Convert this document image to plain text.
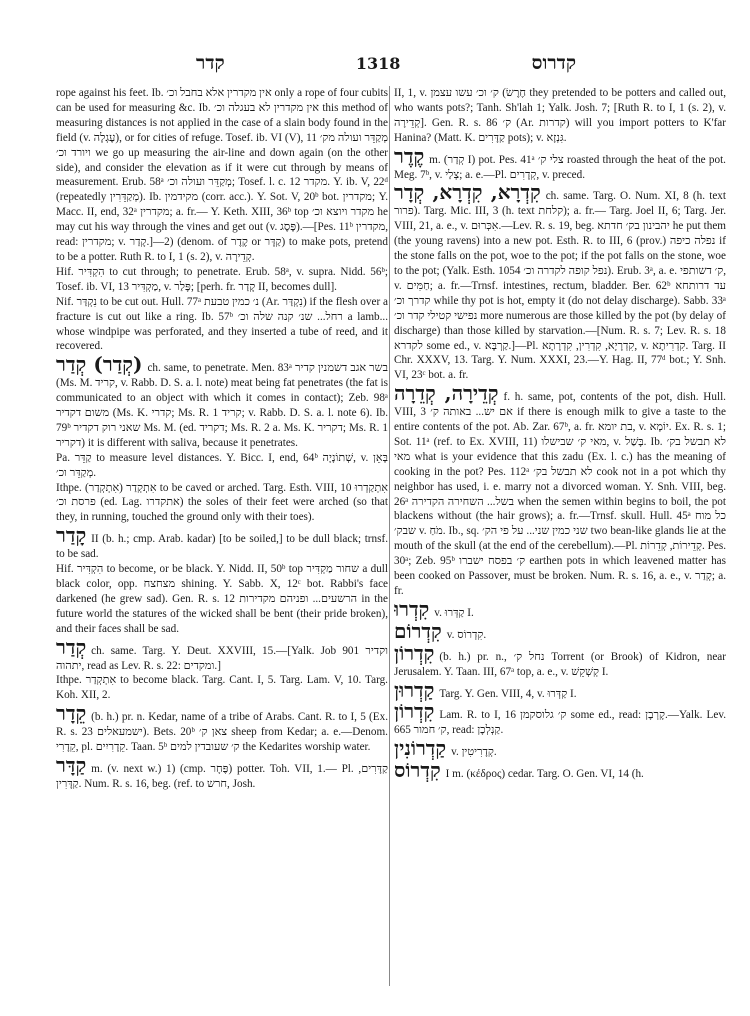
קדר	1318	קדרוס

rope against his feet. Ib. אין מקדרין אלא בחבל וכ׳ only a rope of four cubits can be used for measuring &c. Ib. אין מקדרין לא בעגלה וכ׳ this method of measuring distances is not applied in the case of a slain body found in the field (v. עֶגְלָה), or for cities of refuge. Tosef. ib. VI (V), 11 מְקַדֵּר ועולה מק׳ ויורד וכ׳ we go up measuring the air-line and down again (on the other side), and consider the elevation as if it were cut through by means of measurement. Erub. 58ᵃ מְקַדֵּר ועולה וכ׳; Tosef. l. c. 12 מקדר. Y. ib. V, 22ᵈ (repeatedly מְקַדֵּרִין). Ib. מקידמין (corr. acc.). Y. Sot. V, 20ᵇ bot. מקדרין; Y. Macc. II, end, 32ᵃ מקדרין; a. fr.— Y. Keth. XIII, 36ᵇ top מקדר ויוצא וכ׳ he may cut his way through the vines and get out (v. פֶּסֶג).—[Pes. 11ᵇ מקדרין, read: מקדרין; v. קָדַר.]—2) (denom. of קֶדֶר or קַדָּר) to make pots, pretend to be a potter. Ruth R. to I, 1 (s. 2), v. קְדֵירָה.

Hif. הִקְדִּיר to cut through; to penetrate. Erub. 58ᵃ, v. supra. Nidd. 56ᵇ; Tosef. ib. VI, 13 מַקְדִּיר, v. פָּלַר; [perh. fr. קָדַר II, becomes dull].

Nif. נִקְדַּר to be cut out. Hull. 77ᵃ נ׳ כמין טבעת (Ar. נִקְדַּר) if the flesh over a fracture is cut out like a ring. Ib. 57ᵇ רחל... שנ׳ קנה שלה וכ׳ a lamb... whose windpipe was perforated, and they inserted a tube of reed, and it recovered.

(קְדַר) קְדַר ch. same, to penetrate. Men. 83ᵃ בשר אגב דשמנין קדיר (Ms. M. קריד, v. Rabb. D. S. a. l. note) meat being fat penetrates (the fat is communicated to an object with which it comes in contact); Zeb. 98ᵃ משום דקדיר (Ms. K. קדרי; Ms. R. 1 קריד; v. Rabb. D. S. a. l. note 6). Ib. 79ᵇ שאני רוק דקדיר Ms. M. (ed. דקריד; Ms. R. 2 a. Ms. K. דקריר; Ms. R. 1 דקריר) it is different with saliva, because it penetrates.

Pa. קַדֵּר to measure level distances. Y. Bicc. I, end, 64ᵇ שְׁתוֹנָיָה, v. בָּאֵן מְקַדֵּר וכ׳.

Ithpe. (אִתְקְדַר) אִתְקְדַר to be caved or arched. Targ. Esth. VIII, 10 אִתְקַדְרוּ פרסת וכ׳ (ed. Lag. אתקדרו) the soles of their feet were arched (so that they, in running, touched the ground only with their toes).

קָדַר II (b. h.; cmp. Arab. kadar) [to be soiled,] to be dull black; trnsf. to be sad.

Hif. הִקְדִּיר to become, or be black. Y. Nidd. II, 50ᵇ top שחור מַקְדִּיר a dull black color, opp. מצחצח shining. Y. Sabb. X, 12ᶜ bot. Rabbi's face darkened (he grew sad). Gen. R. s. 12 הרשעים... ופניהם מקדירות in the future world the statures of the wicked shall be bent (their pride broken), and their faces shall be sad.

קְדַר ch. same. Targ. Y. Deut. XXVIII, 15.—[Yalk. Job 901 וקדיר יתהוה, read as Lev. R. s. 22: ומקדים.]

Ithpe. אִתְקְדַר to become black. Targ. Cant. I, 5. Targ. Lam. V, 10. Targ. Koh. XII, 2.

קֵדָר (b. h.) pr. n. Kedar, name of a tribe of Arabs. Cant. R. to I, 5 (Ex. R. s. 23 ישמעאלים). Bets. 20ᵇ צאן ק׳ sheep from Kedar; a. e.—Denom. קֵדָרִי, pl. קֵדָרִיִים. Taan. 5ᵇ ק׳ שעובדין למים the Kedarites worship water.

קַדָּר m. (v. next w.) 1) (cmp. פֶּחָר) potter. Toh. VII, 1.— Pl. קַדָּרִים, קַדָּרִין. Num. R. s. 16, beg. (ref. to חרש, Josh.

II, 1, v. חֶרֶשׂ) ק׳ וכ׳ עשו עצמן they pretended to be potters and called out, who wants pots?; Tanh. Sh'lah 1; Yalk. Josh. 7; [Ruth R. to I, 1 (s. 2), v. קְדֵירָה]. Gen. R. s. 86 ק׳ (Ar. קדרות) will you import potters to K'far Hanina? (Matt. K. קַדָּרִים pots); v. גִּנְזָא.

קֶדֶר m. (קְדַר I) pot. Pes. 41ᵃ צלי ק׳ roasted through the heat of the pot. Meg. 7ᵇ, v. צְלַי; a. e.—Pl. קְדָרִים, v. preced.

קִדְרָא, קִדְרָא, קְדָר ch. same. Targ. O. Num. XI, 8 (h. text פרור). Targ. Mic. III, 3 (h. text קלחת); a. fr.— Targ. Joel II, 6; Targ. Jer. VIII, 21, a. e., v. אִכְּרוּם.—Lev. R. s. 19, beg. יהבינון בק׳ חדתא he put them (the young ravens) into a new pot. Esth. R. to III, 6 (prov.) נפלה כיפה if the stone falls on the pot, woe to the pot; if the pot falls on the stone, woe to the pot; (Yalk. Esth. 1054 נפל קופה לקדרה וכ׳). Erub. 3ᵃ, a. e. ק׳ דשותפי, v. חַמִּים; a. fr.—Trnsf. intestines, rectum, bladder. Ber. 62ᵇ עד דרותחא קדרך וכ׳ while thy pot is hot, empty it (do not delay discharge). Sabb. 33ᵃ נפישי קטילי קדר וכ׳ more numerous are those killed by the pot (by delay of discharge) than those killed by starvation.—[Num. R. s. 7; Lev. R. s. 18 לקדרא some ed., v. קַרְבָּא.]—Pl. קִדְרָיָא, קִדְרִין, קִדְרָתָא, v. קִדְרִיתָא. Targ. II Chr. XXXV, 13. Targ. Y. Num. XXXI, 23.—Y. Hag. II, 77ᵈ bot.; Y. Snh. VI, 23ᶜ bot. a. fr.

קְדֵירָה, קְדֵרָה f. h. same, pot, contents of the pot, dish. Hull. VIII, 3 אם יש... באותה ק׳ if there is enough milk to give a taste to the entire contents of the pot. Ab. Zar. 67ᵇ, a. fr. בת יומא, v. יוֹמָא. Ex. R. s. 1; Sot. 11ᵃ (ref. to Ex. XVIII, 11) מאי ק׳ שבישלו, v. בָּשַׁל. Ib. לא תבשל בק׳ מאי what is your evidence that this zadu (Ex. l. c.) has the meaning of cooking in the pot? Pes. 112ᵃ לא תבשל בק׳ cook not in a pot which thy neighbor has used, i. e. marry not a divorced woman. Y. Snh. VIII, beg. 26ᵃ בשל... השחירה הקדירה when the semen within begins to boil, the pot blackens without (the hair grows); a. fr.—Trnsf. skull. Hull. 45ᵃ כל מוח שבק׳ v. מֹחַ. Ib., sq. שני כמין שני... על פי הק׳ two bean-like glands lie at the mouth of the skull (at the end of the cerebellum).—Pl. קְדֵירוֹת, קְדֵרוֹת. Pes. 30ᵃ; Zeb. 95ᵇ ק׳ בפסח ישברו earthen pots in which leavened matter has been cooked on Passover, must be broken. Num. R. s. 16, a. e., v. קְדַר; a. fr.

קִדְרוּ v. קַדְּרוּ I.

קִדְרוֹם v. קִדְרוֹס.

קִדְרוֹן (b. h.) pr. n., נחל ק׳ Torrent (or Brook) of Kidron, near Jerusalem. Y. Taan. III, 67ᵃ top, a. e., v. קְשְׁקֵשׁ I.

קַדְרוּן Targ. Y. Gen. VIII, 4, v. קַדְּרוּ I.

קִדְרוֹן Lam. R. to I, 16 ק׳ גלוסקמן some ed., read: קָרְבָן.—Yalk. Lev. 665 ק׳ חמור, read: קַנְלְכָן.

קַדְרוֹנִין v. קְדָרִיטִין.

קִדְרוֹס I m. (κέδρος) cedar. Targ. O. Gen. VI, 14 (h.
